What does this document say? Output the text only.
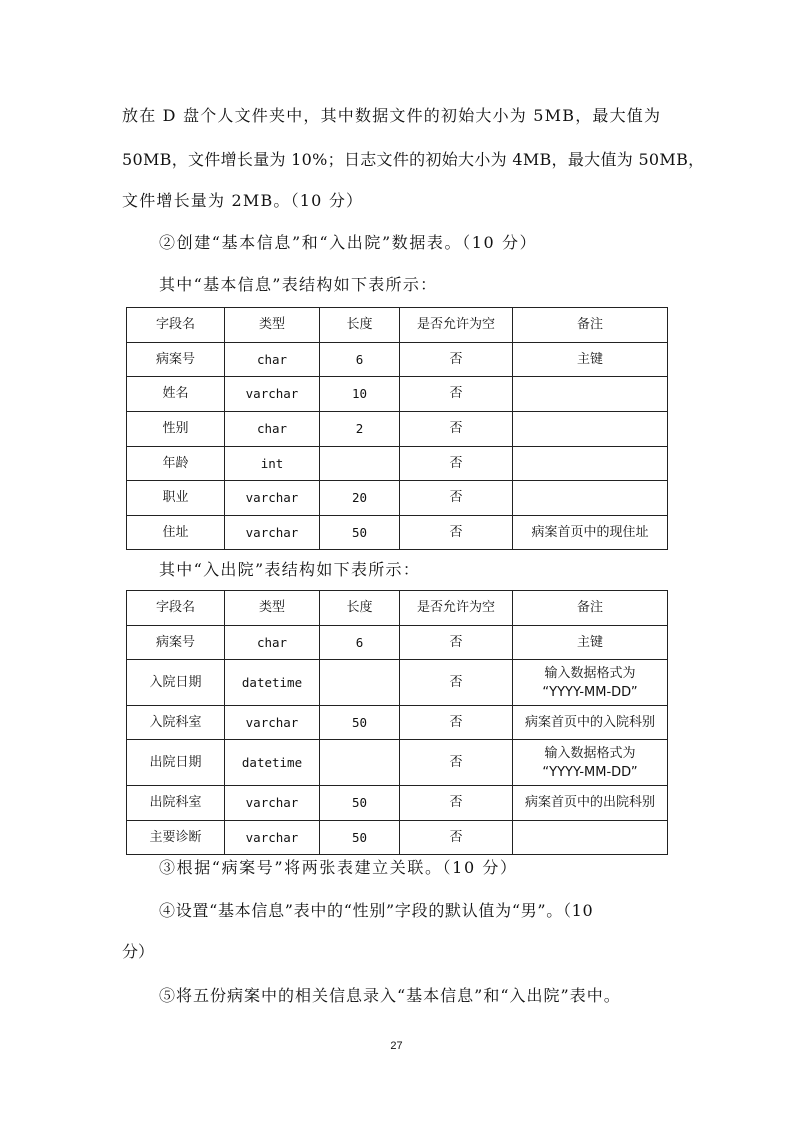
放在 D 盘个人文件夹中，其中数据文件的初始大小为 5MB，最大值为
50MB，文件增长量为 10%；日志文件的初始大小为 4MB，最大值为 50MB，
文件增长量为 2MB。（10 分）
②创建“基本信息”和“入出院”数据表。（10 分）
其中“基本信息”表结构如下表所示：
字段名	类型	长度	是否允许为空	备注
病案号	char	6	否	主键
姓名	varchar	10	否	
性别	char	2	否	
年龄	int		否	
职业	varchar	20	否	
住址	varchar	50	否	病案首页中的现住址
其中“入出院”表结构如下表所示：
字段名	类型	长度	是否允许为空	备注
病案号	char	6	否	主键
入院日期	datetime		否	输入数据格式为
“YYYY-MM-DD”
入院科室	varchar	50	否	病案首页中的入院科别
出院日期	datetime		否	输入数据格式为
“YYYY-MM-DD”
出院科室	varchar	50	否	病案首页中的出院科别
主要诊断	varchar	50	否	
③根据“病案号”将两张表建立关联。（10 分）
④设置“基本信息”表中的“性别”字段的默认值为“男”。（10
分）
⑤将五份病案中的相关信息录入“基本信息”和“入出院”表中。
27
